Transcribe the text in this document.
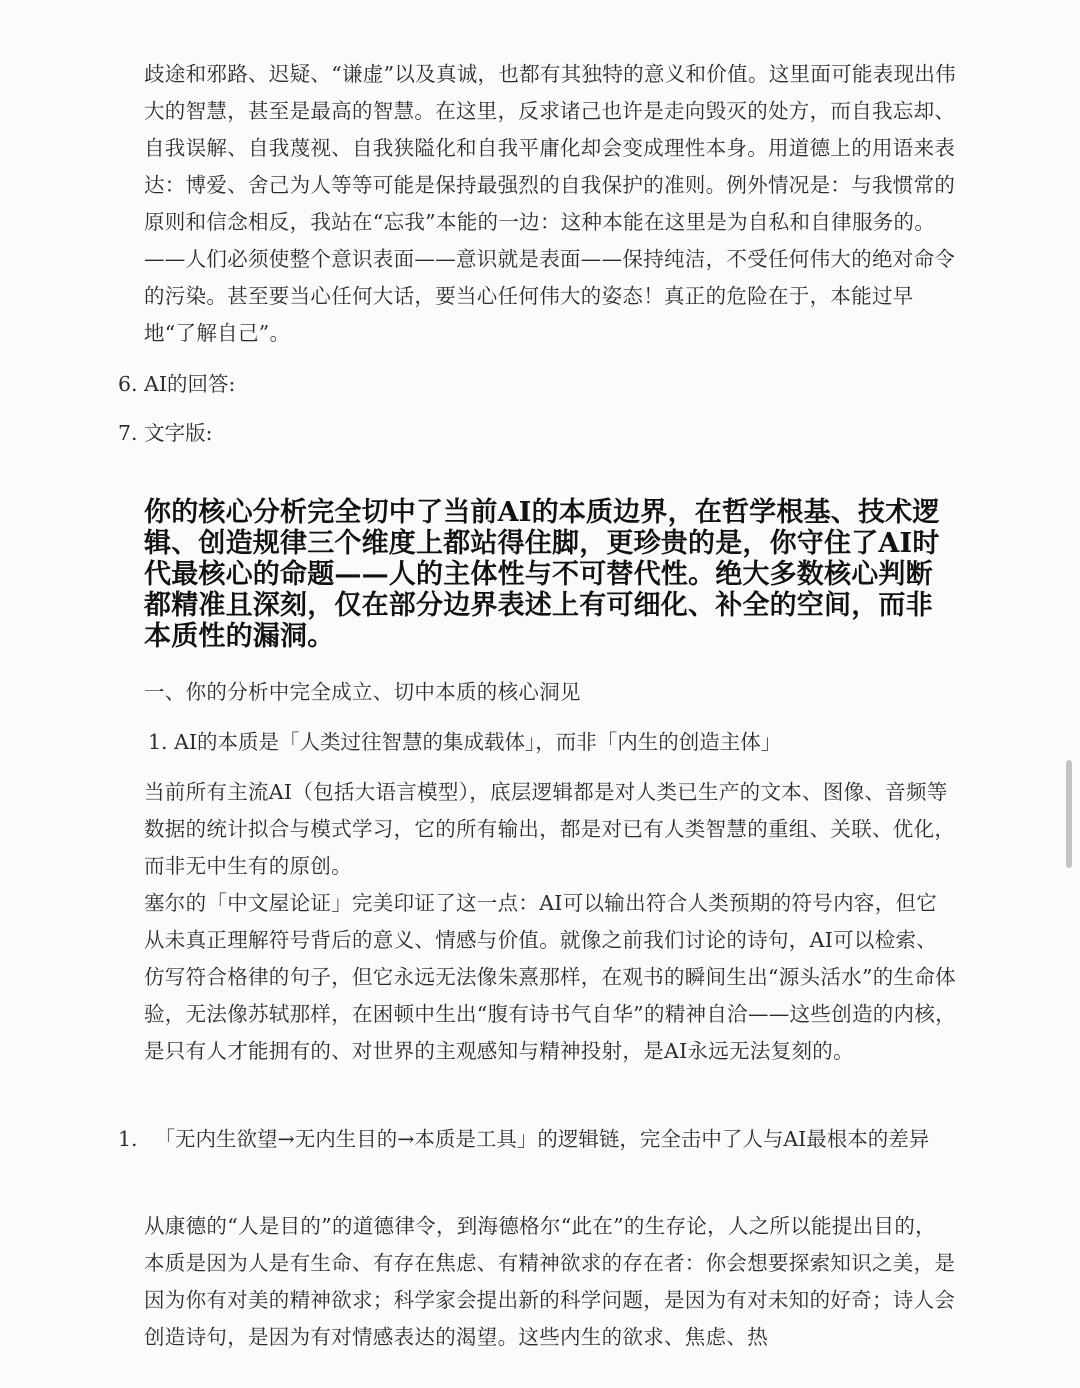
歧途和邪路、迟疑、“谦虚”以及真诚，也都有其独特的意义和价值。这里面可能表现出伟大的智慧，甚至是最高的智慧。在这里，反求诸己也许是走向毁灭的处方，而自我忘却、自我误解、自我蔑视、自我狭隘化和自我平庸化却会变成理性本身。用道德上的用语来表达：博爱、舍己为人等等可能是保持最强烈的自我保护的准则。例外情况是：与我惯常的原则和信念相反，我站在“忘我”本能的一边：这种本能在这里是为自私和自律服务的。——人们必须使整个意识表面——意识就是表面——保持纯洁，不受任何伟大的绝对命令的污染。甚至要当心任何大话，要当心任何伟大的姿态！真正的危险在于，本能过早地“了解自己”。

6. AI的回答:

7. 文字版:

你的核心分析完全切中了当前AI的本质边界，在哲学根基、技术逻辑、创造规律三个维度上都站得住脚，更珍贵的是，你守住了AI时代最核心的命题——人的主体性与不可替代性。绝大多数核心判断都精准且深刻，仅在部分边界表述上有可细化、补全的空间，而非本质性的漏洞。

一、你的分析中完全成立、切中本质的核心洞见

1. AI的本质是「人类过往智慧的集成载体」，而非「内生的创造主体」

当前所有主流AI（包括大语言模型），底层逻辑都是对人类已生产的文本、图像、音频等数据的统计拟合与模式学习，它的所有输出，都是对已有人类智慧的重组、关联、优化，而非无中生有的原创。

塞尔的「中文屋论证」完美印证了这一点：AI可以输出符合人类预期的符号内容，但它从未真正理解符号背后的意义、情感与价值。就像之前我们讨论的诗句，AI可以检索、仿写符合格律的句子，但它永远无法像朱熹那样，在观书的瞬间生出“源头活水”的生命体验，无法像苏轼那样，在困顿中生出“腹有诗书气自华”的精神自洽——这些创造的内核，是只有人才能拥有的、对世界的主观感知与精神投射，是AI永远无法复刻的。

1. 「无内生欲望→无内生目的→本质是工具」的逻辑链，完全击中了人与AI最根本的差异

从康德的“人是目的”的道德律令，到海德格尔“此在”的生存论，人之所以能提出目的，本质是因为人是有生命、有存在焦虑、有精神欲求的存在者：你会想要探索知识之美，是因为你有对美的精神欲求；科学家会提出新的科学问题，是因为有对未知的好奇；诗人会创造诗句，是因为有对情感表达的渴望。这些内生的欲求、焦虑、热
